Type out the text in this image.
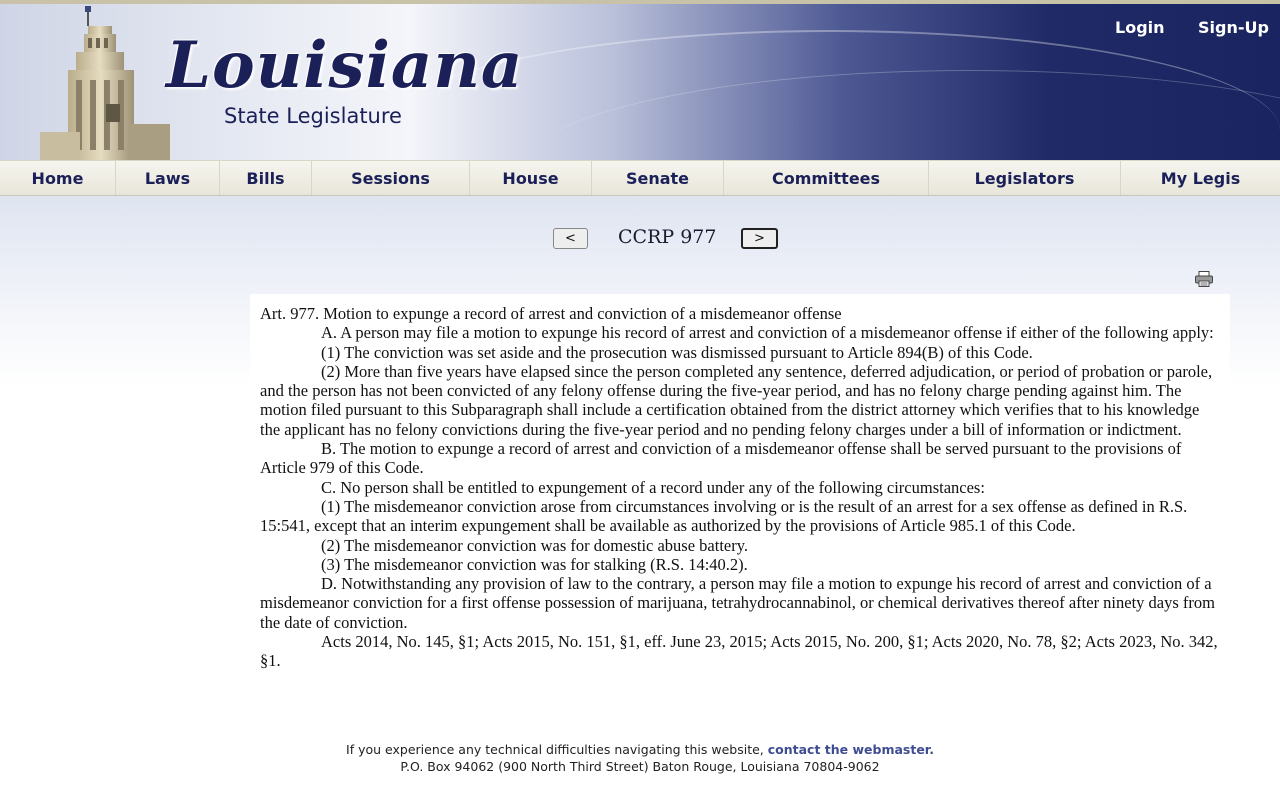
Louisiana
State Legislature
Login Sign-Up
Home	Laws	Bills	Sessions	House	Senate	Committees	Legislators	My Legis
<	>
CCRP 977

Art. 977. Motion to expunge a record of arrest and conviction of a misdemeanor offense

A. A person may file a motion to expunge his record of arrest and conviction of a misdemeanor offense if either of the following apply:

(1) The conviction was set aside and the prosecution was dismissed pursuant to Article 894(B) of this Code.

(2) More than five years have elapsed since the person completed any sentence, deferred adjudication, or period of probation or parole, and the person has not been convicted of any felony offense during the five-year period, and has no felony charge pending against him. The motion filed pursuant to this Subparagraph shall include a certification obtained from the district attorney which verifies that to his knowledge the applicant has no felony convictions during the five-year period and no pending felony charges under a bill of information or indictment.

B. The motion to expunge a record of arrest and conviction of a misdemeanor offense shall be served pursuant to the provisions of Article 979 of this Code.

C. No person shall be entitled to expungement of a record under any of the following circumstances:

(1) The misdemeanor conviction arose from circumstances involving or is the result of an arrest for a sex offense as defined in R.S. 15:541, except that an interim expungement shall be available as authorized by the provisions of Article 985.1 of this Code.

(2) The misdemeanor conviction was for domestic abuse battery.

(3) The misdemeanor conviction was for stalking (R.S. 14:40.2).

D. Notwithstanding any provision of law to the contrary, a person may file a motion to expunge his record of arrest and conviction of a misdemeanor conviction for a first offense possession of marijuana, tetrahydrocannabinol, or chemical derivatives thereof after ninety days from the date of conviction.

Acts 2014, No. 145, §1; Acts 2015, No. 151, §1, eff. June 23, 2015; Acts 2015, No. 200, §1; Acts 2020, No. 78, §2; Acts 2023, No. 342, §1.

If you experience any technical difficulties navigating this website, contact the webmaster.
P.O. Box 94062 (900 North Third Street) Baton Rouge, Louisiana 70804-9062
